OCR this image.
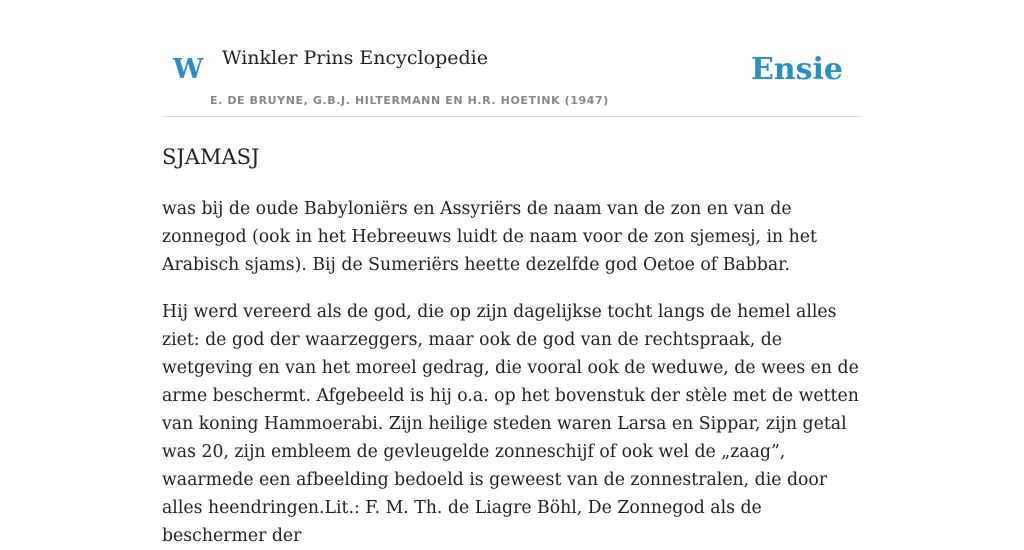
W Winkler Prins Encyclopedie
E. DE BRUYNE, G.B.J. HILTERMANN EN H.R. HOETINK (1947)
Ensie
SJAMASJ

was bij de oude Babyloniërs en Assyriërs de naam van de zon en van de zonnegod (ook in het Hebreeuws luidt de naam voor de zon sjemesj, in het Arabisch sjams). Bij de Sumeriërs heette dezelfde god Oetoe of Babbar.

Hij werd vereerd als de god, die op zijn dagelijkse tocht langs de hemel alles ziet: de god der waarzeggers, maar ook de god van de rechtspraak, de wetgeving en van het moreel gedrag, die vooral ook de weduwe, de wees en de arme beschermt. Afgebeeld is hij o.a. op het bovenstuk der stèle met de wetten van koning Hammoerabi. Zijn heilige steden waren Larsa en Sippar, zijn getal was 20, zijn embleem de gevleugelde zonneschijf of ook wel de „zaag”, waarmede een afbeelding bedoeld is geweest van de zonnestralen, die door alles heendringen.Lit.: F. M. Th. de Liagre Böhl, De Zonnegod als de beschermer der
